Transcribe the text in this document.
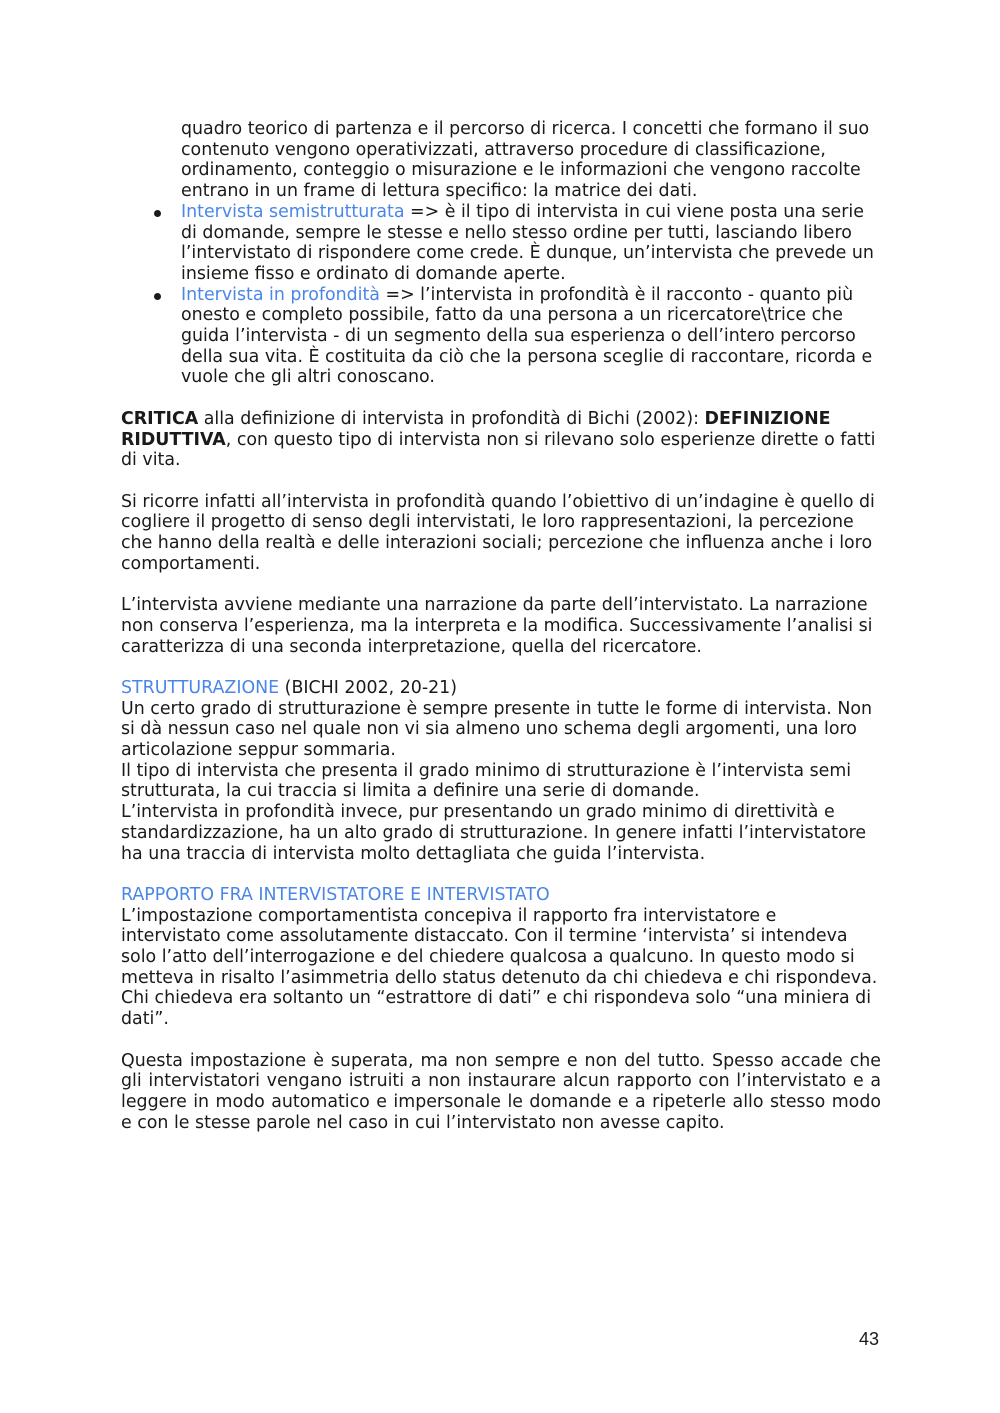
quadro teorico di partenza e il percorso di ricerca. I concetti che formano il suo contenuto vengono operativizzati, attraverso procedure di classificazione, ordinamento, conteggio o misurazione e le informazioni che vengono raccolte entrano in un frame di lettura specifico: la matrice dei dati.

Intervista semistrutturata => è il tipo di intervista in cui viene posta una serie di domande, sempre le stesse e nello stesso ordine per tutti, lasciando libero l’intervistato di rispondere come crede. È dunque, un’intervista che prevede un insieme fisso e ordinato di domande aperte.
Intervista in profondità => l’intervista in profondità è il racconto - quanto più onesto e completo possibile, fatto da una persona a un ricercatore\trice che guida l’intervista - di un segmento della sua esperienza o dell’intero percorso della sua vita. È costituita da ciò che la persona sceglie di raccontare, ricorda e vuole che gli altri conoscano.

CRITICA alla definizione di intervista in profondità di Bichi (2002): DEFINIZIONE RIDUTTIVA, con questo tipo di intervista non si rilevano solo esperienze dirette o fatti di vita.

Si ricorre infatti all’intervista in profondità quando l’obiettivo di un’indagine è quello di cogliere il progetto di senso degli intervistati, le loro rappresentazioni, la percezione che hanno della realtà e delle interazioni sociali; percezione che influenza anche i loro comportamenti.

L’intervista avviene mediante una narrazione da parte dell’intervistato. La narrazione non conserva l’esperienza, ma la interpreta e la modifica. Successivamente l’analisi si caratterizza di una seconda interpretazione, quella del ricercatore.

STRUTTURAZIONE (BICHI 2002, 20-21)

Un certo grado di strutturazione è sempre presente in tutte le forme di intervista. Non si dà nessun caso nel quale non vi sia almeno uno schema degli argomenti, una loro articolazione seppur sommaria.

Il tipo di intervista che presenta il grado minimo di strutturazione è l’intervista semi strutturata, la cui traccia si limita a definire una serie di domande.

L’intervista in profondità invece, pur presentando un grado minimo di direttività e standardizzazione, ha un alto grado di strutturazione. In genere infatti l’intervistatore ha una traccia di intervista molto dettagliata che guida l’intervista.

RAPPORTO FRA INTERVISTATORE E INTERVISTATO

L’impostazione comportamentista concepiva il rapporto fra intervistatore e intervistato come assolutamente distaccato. Con il termine ‘intervista’ si intendeva solo l’atto dell’interrogazione e del chiedere qualcosa a qualcuno. In questo modo si metteva in risalto l’asimmetria dello status detenuto da chi chiedeva e chi rispondeva. Chi chiedeva era soltanto un “estrattore di dati” e chi rispondeva solo “una miniera di dati”.

Questa impostazione è superata, ma non sempre e non del tutto. Spesso accade che gli intervistatori vengano istruiti a non instaurare alcun rapporto con l’intervistato e a leggere in modo automatico e impersonale le domande e a ripeterle allo stesso modo e con le stesse parole nel caso in cui l’intervistato non avesse capito.

43
